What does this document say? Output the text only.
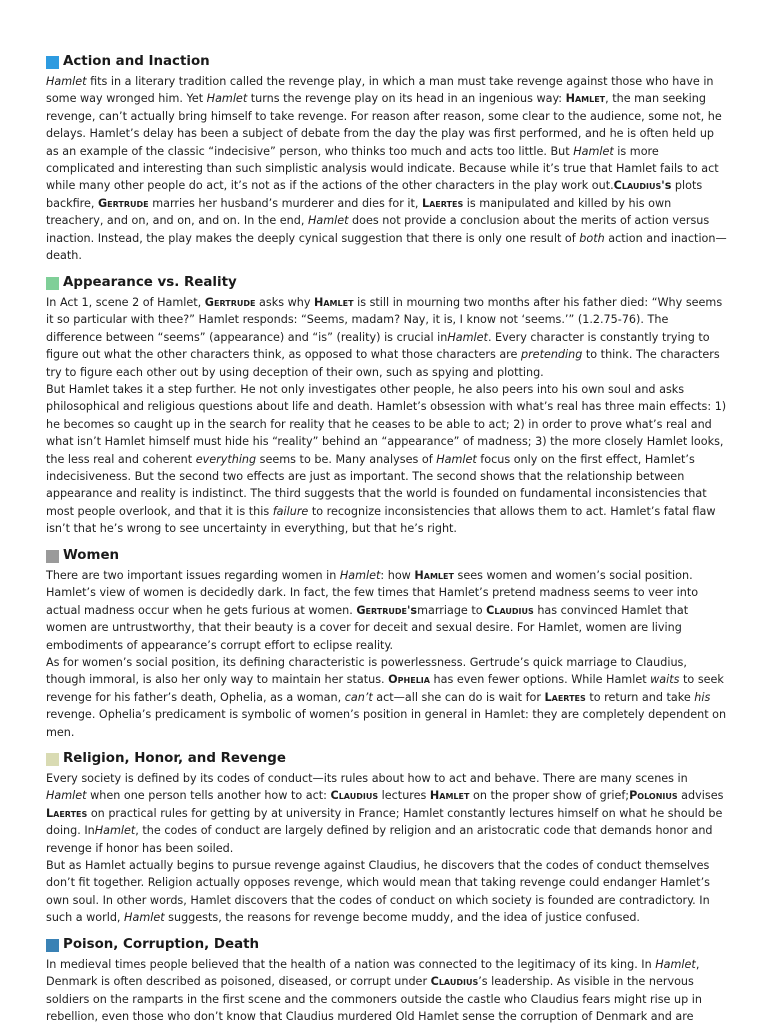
Action and Inaction

Hamlet fits in a literary tradition called the revenge play, in which a man must take revenge against those who have in some way wronged him. Yet Hamlet turns the revenge play on its head in an ingenious way: Hamlet, the man seeking revenge, can’t actually bring himself to take revenge. For reason after reason, some clear to the audience, some not, he delays. Hamlet’s delay has been a subject of debate from the day the play was first performed, and he is often held up as an example of the classic “indecisive” person, who thinks too much and acts too little. But Hamlet is more complicated and interesting than such simplistic analysis would indicate. Because while it’s true that Hamlet fails to act while many other people do act, it’s not as if the actions of the other characters in the play work out.Claudius's plots backfire, Gertrude marries her husband’s murderer and dies for it, Laertes is manipulated and killed by his own treachery, and on, and on, and on. In the end, Hamlet does not provide a conclusion about the merits of action versus inaction. Instead, the play makes the deeply cynical suggestion that there is only one result of both action and inaction—death.

Appearance vs. Reality

In Act 1, scene 2 of Hamlet, Gertrude asks why Hamlet is still in mourning two months after his father died: “Why seems it so particular with thee?” Hamlet responds: “Seems, madam? Nay, it is, I know not ‘seems.’” (1.2.75-76). The difference between “seems” (appearance) and “is” (reality) is crucial inHamlet. Every character is constantly trying to figure out what the other characters think, as opposed to what those characters are pretending to think. The characters try to figure each other out by using deception of their own, such as spying and plotting.

But Hamlet takes it a step further. He not only investigates other people, he also peers into his own soul and asks philosophical and religious questions about life and death. Hamlet’s obsession with what’s real has three main effects: 1) he becomes so caught up in the search for reality that he ceases to be able to act; 2) in order to prove what’s real and what isn’t Hamlet himself must hide his “reality” behind an “appearance” of madness; 3) the more closely Hamlet looks, the less real and coherent everything seems to be. Many analyses of Hamlet focus only on the first effect, Hamlet’s indecisiveness. But the second two effects are just as important. The second shows that the relationship between appearance and reality is indistinct. The third suggests that the world is founded on fundamental inconsistencies that most people overlook, and that it is this failure to recognize inconsistencies that allows them to act. Hamlet’s fatal flaw isn’t that he’s wrong to see uncertainty in everything, but that he’s right.

Women

There are two important issues regarding women in Hamlet: how Hamlet sees women and women’s social position. Hamlet’s view of women is decidedly dark. In fact, the few times that Hamlet’s pretend madness seems to veer into actual madness occur when he gets furious at women. Gertrude'smarriage to Claudius has convinced Hamlet that women are untrustworthy, that their beauty is a cover for deceit and sexual desire. For Hamlet, women are living embodiments of appearance’s corrupt effort to eclipse reality.

As for women’s social position, its defining characteristic is powerlessness. Gertrude’s quick marriage to Claudius, though immoral, is also her only way to maintain her status. Ophelia has even fewer options. While Hamlet waits to seek revenge for his father’s death, Ophelia, as a woman, can’t act—all she can do is wait for Laertes to return and take his revenge. Ophelia’s predicament is symbolic of women’s position in general in Hamlet: they are completely dependent on men.

Religion, Honor, and Revenge

Every society is defined by its codes of conduct—its rules about how to act and behave. There are many scenes in Hamlet when one person tells another how to act: Claudius lectures Hamlet on the proper show of grief;Polonius advises Laertes on practical rules for getting by at university in France; Hamlet constantly lectures himself on what he should be doing. InHamlet, the codes of conduct are largely defined by religion and an aristocratic code that demands honor and revenge if honor has been soiled.

But as Hamlet actually begins to pursue revenge against Claudius, he discovers that the codes of conduct themselves don’t fit together. Religion actually opposes revenge, which would mean that taking revenge could endanger Hamlet’s own soul. In other words, Hamlet discovers that the codes of conduct on which society is founded are contradictory. In such a world, Hamlet suggests, the reasons for revenge become muddy, and the idea of justice confused.

Poison, Corruption, Death

In medieval times people believed that the health of a nation was connected to the legitimacy of its king. In Hamlet, Denmark is often described as poisoned, diseased, or corrupt under Claudius’s leadership. As visible in the nervous soldiers on the ramparts in the first scene and the commoners outside the castle who Claudius fears might rise up in rebellion, even those who don’t know that Claudius murdered Old Hamlet sense the corruption of Denmark and are
